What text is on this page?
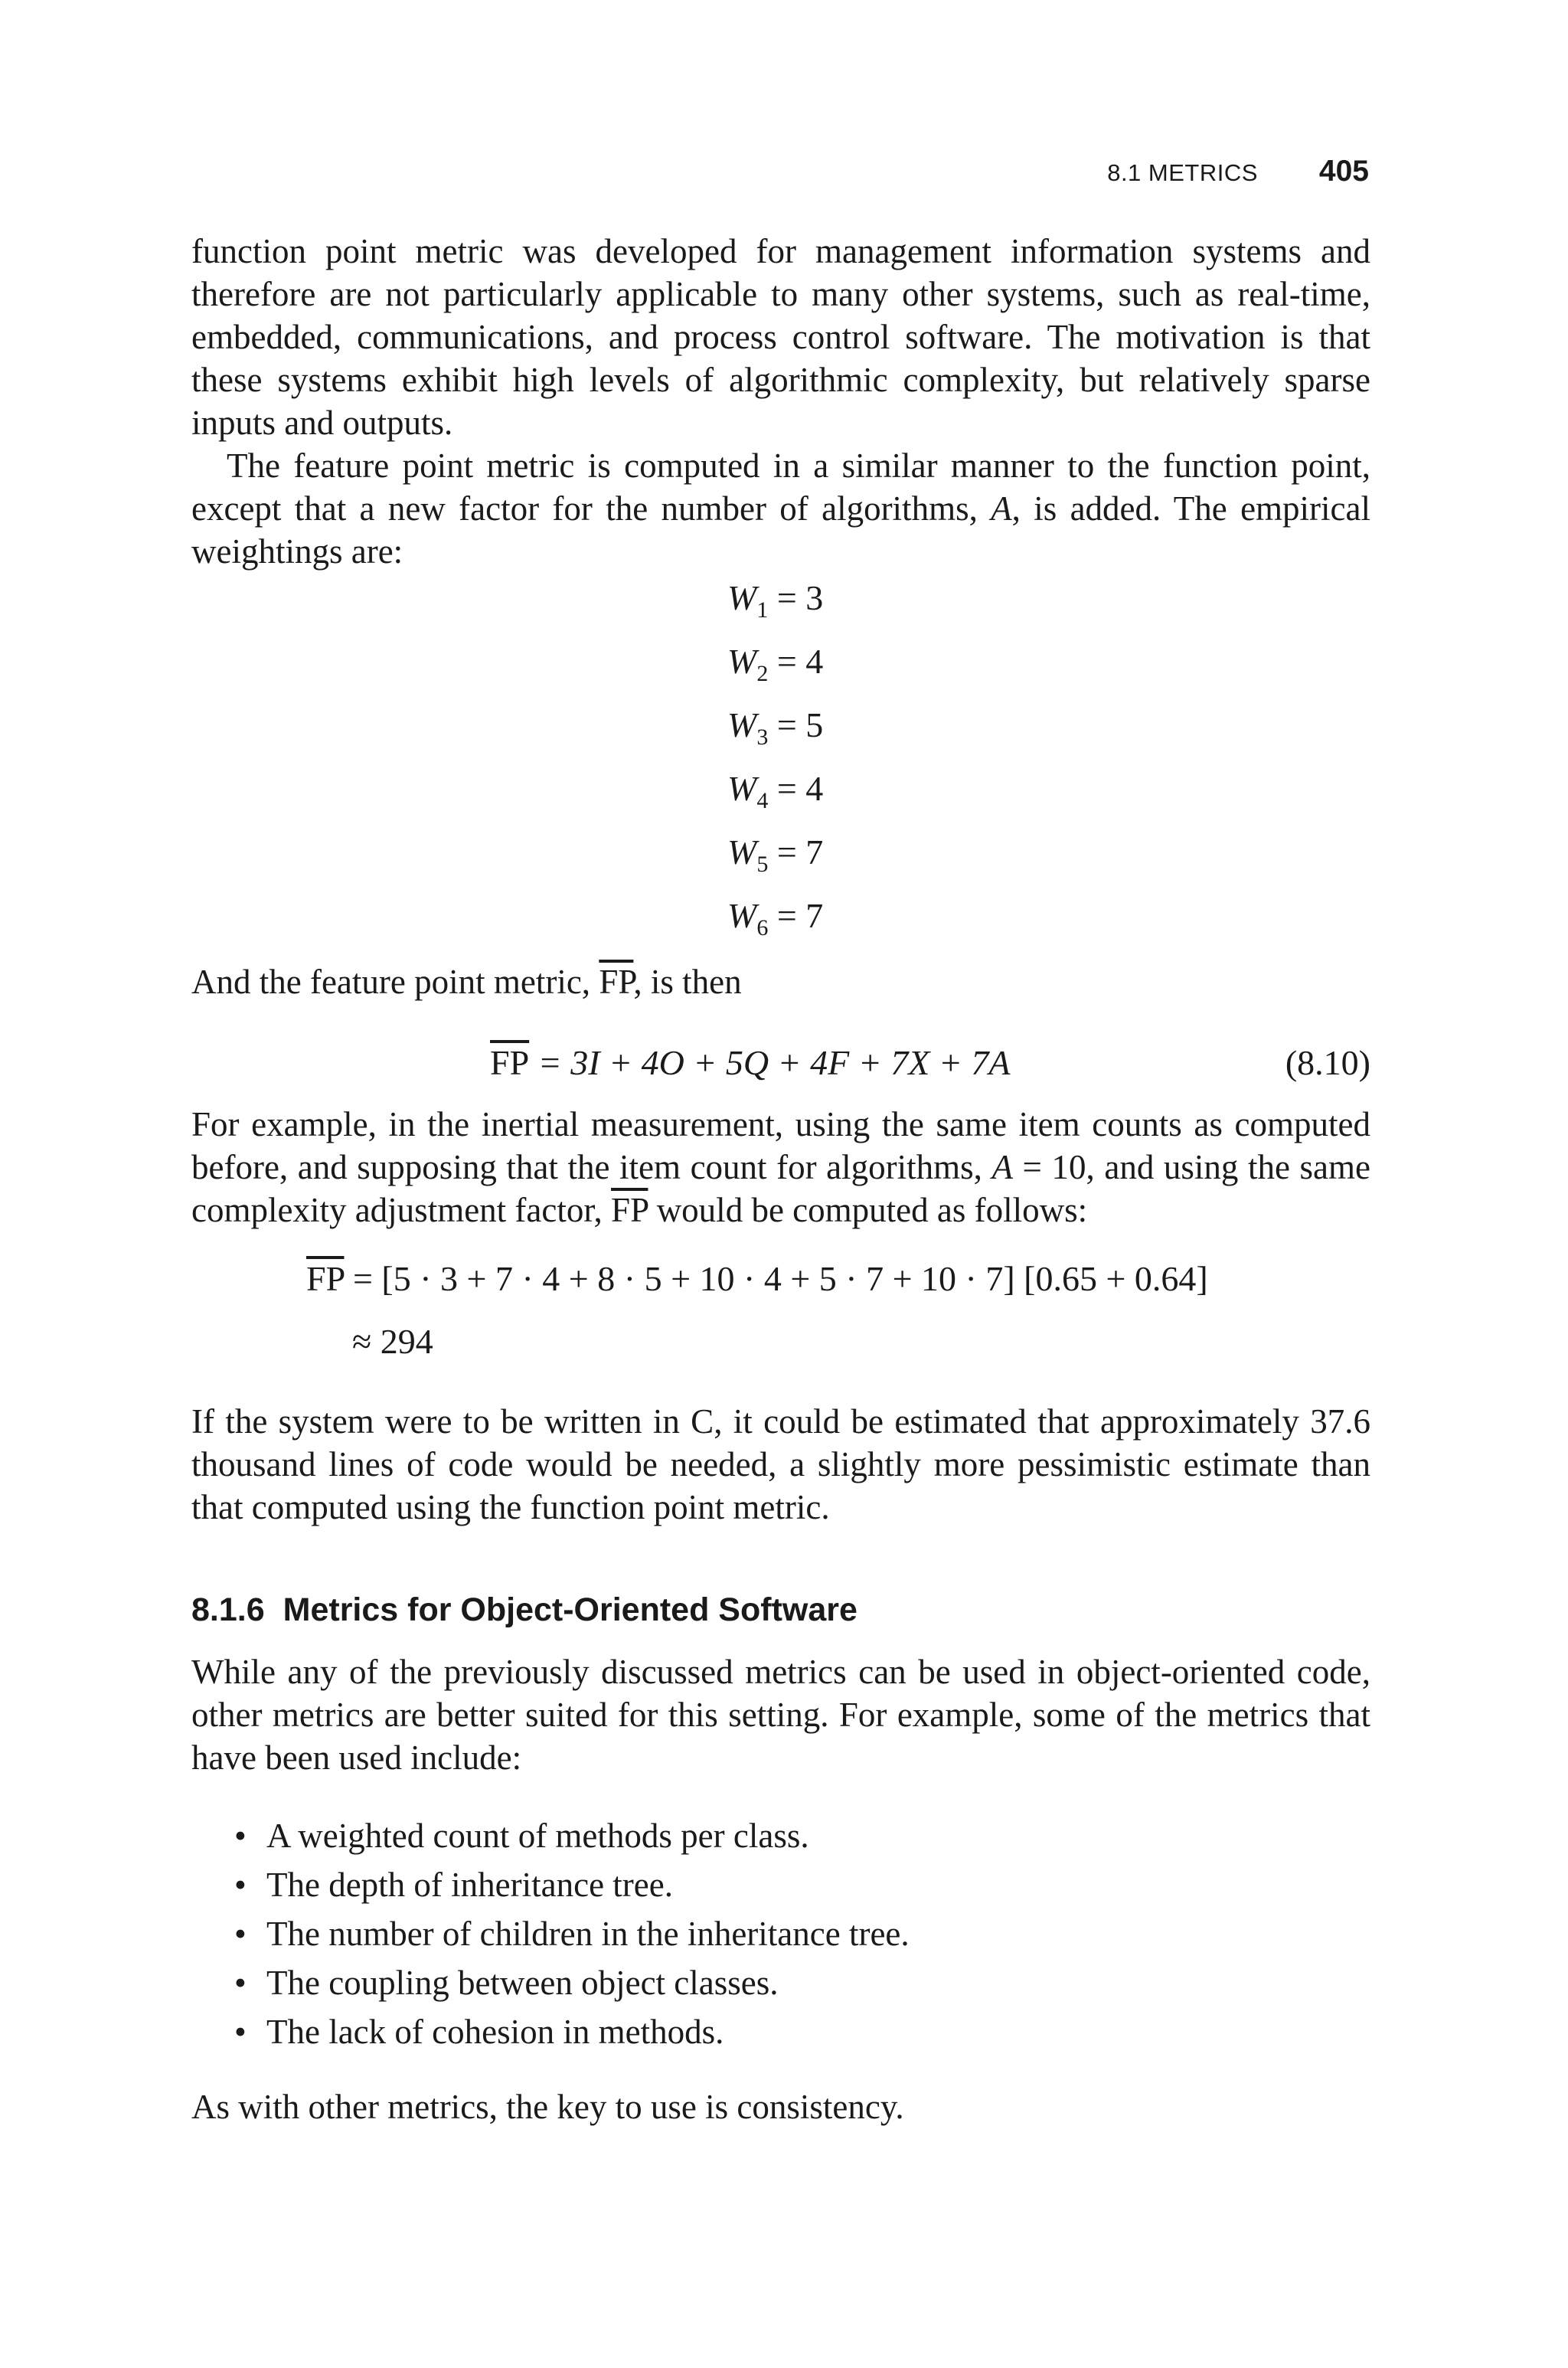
8.1 METRICS 405

function point metric was developed for management information systems and therefore are not particularly applicable to many other systems, such as real-time, embedded, communications, and process control software. The motivation is that these systems exhibit high levels of algorithmic complexity, but relatively sparse inputs and outputs.

The feature point metric is computed in a similar manner to the function point, except that a new factor for the number of algorithms, A, is added. The empirical weightings are:

$W_1 = 3$
$W_2 = 4$
$W_3 = 5$
$W_4 = 4$
$W_5 = 7$
$W_6 = 7$

And the feature point metric, $\overline{FP}$, is then

$\overline{FP} = 3I + 4O + 5Q + 4F + 7X + 7A$	(8.10)

For example, in the inertial measurement, using the same item counts as computed before, and supposing that the item count for algorithms, A = 10, and using the same complexity adjustment factor, $\overline{FP}$ would be computed as follows:

$\overline{FP} = [5 \cdot 3 + 7 \cdot 4 + 8 \cdot 5 + 10 \cdot 4 + 5 \cdot 7 + 10 \cdot 7] [0.65 + 0.64]$
≈ 294

If the system were to be written in C, it could be estimated that approximately 37.6 thousand lines of code would be needed, a slightly more pessimistic estimate than that computed using the function point metric.

8.1.6 Metrics for Object-Oriented Software

While any of the previously discussed metrics can be used in object-oriented code, other metrics are better suited for this setting. For example, some of the metrics that have been used include:

• A weighted count of methods per class.
• The depth of inheritance tree.
• The number of children in the inheritance tree.
• The coupling between object classes.
• The lack of cohesion in methods.

As with other metrics, the key to use is consistency.
